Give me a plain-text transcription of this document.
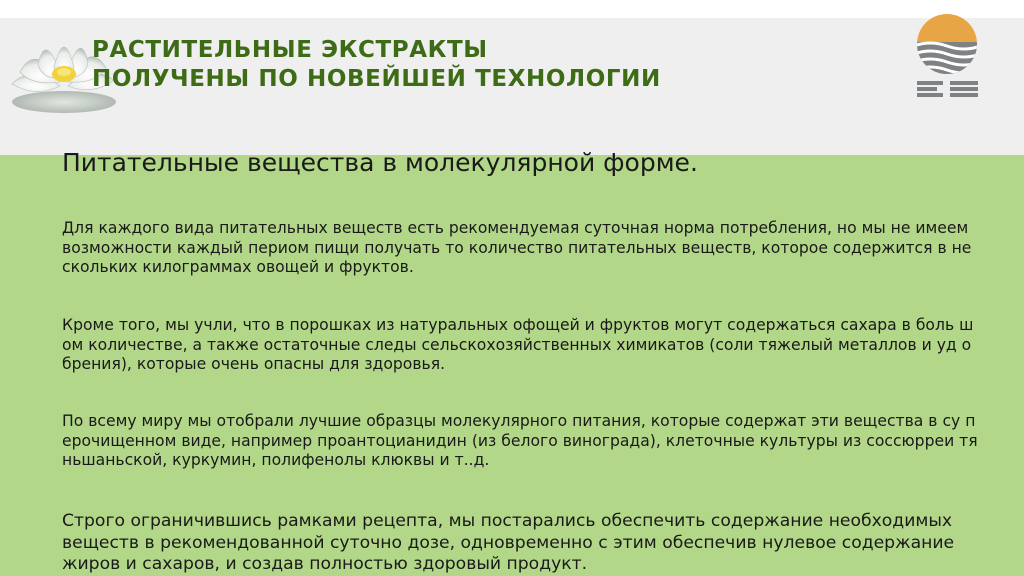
РАСТИТЕЛЬНЫЕ ЭКСТРАКТЫ
ПОЛУЧЕНЫ ПО НОВЕЙШЕЙ ТЕХНОЛОГИИ
Питательные вещества в молекулярной форме.

Для каждого вида питательных веществ есть рекомендуемая суточная норма потребления, но мы не имеем возможности каждый периом пищи получать то количество питательных веществ, которое содержится в не скольких килограммах овощей и фруктов.

Кроме того, мы учли, что в порошках из натуральных офощей и фруктов могут содержаться сахара в боль шом количестве, а также остаточные следы сельскохозяйственных химикатов (соли тяжелый металлов и уд обрения), которые очень опасны для здоровья.

По всему миру мы отобрали лучшие образцы молекулярного питания, которые содержат эти вещества в су перочищенном виде, например проантоцианидин (из белого винограда), клеточные культуры из соссюрреи тяньшаньской, куркумин, полифенолы клюквы и т..д.

Строго ограничившись рамками рецепта, мы постарались обеспечить содержание необходимых веществ в рекомендованной суточно дозе, одновременно с этим обеспечив нулевое содержание жиров и сахаров, и создав полностью здоровый продукт.
